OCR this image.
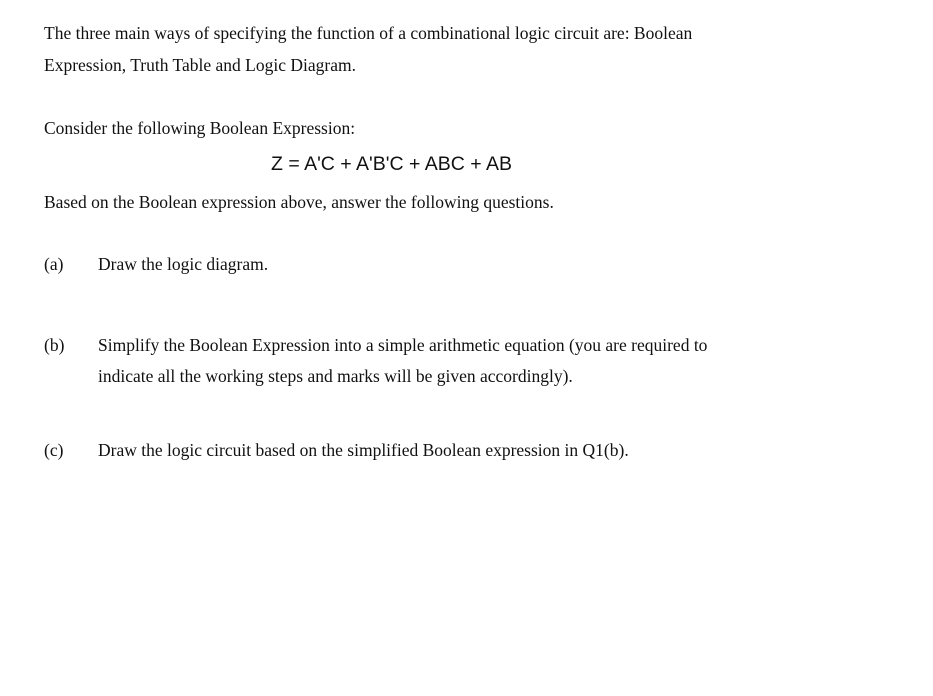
The three main ways of specifying the function of a combinational logic circuit are: Boolean
Expression, Truth Table and Logic Diagram.

Consider the following Boolean Expression:

Z = A'C + A'B'C + ABC + AB

Based on the Boolean expression above, answer the following questions.

(a) Draw the logic diagram.
(b) Simplify the Boolean Expression into a simple arithmetic equation (you are required to
indicate all the working steps and marks will be given accordingly).
(c) Draw the logic circuit based on the simplified Boolean expression in Q1(b).
